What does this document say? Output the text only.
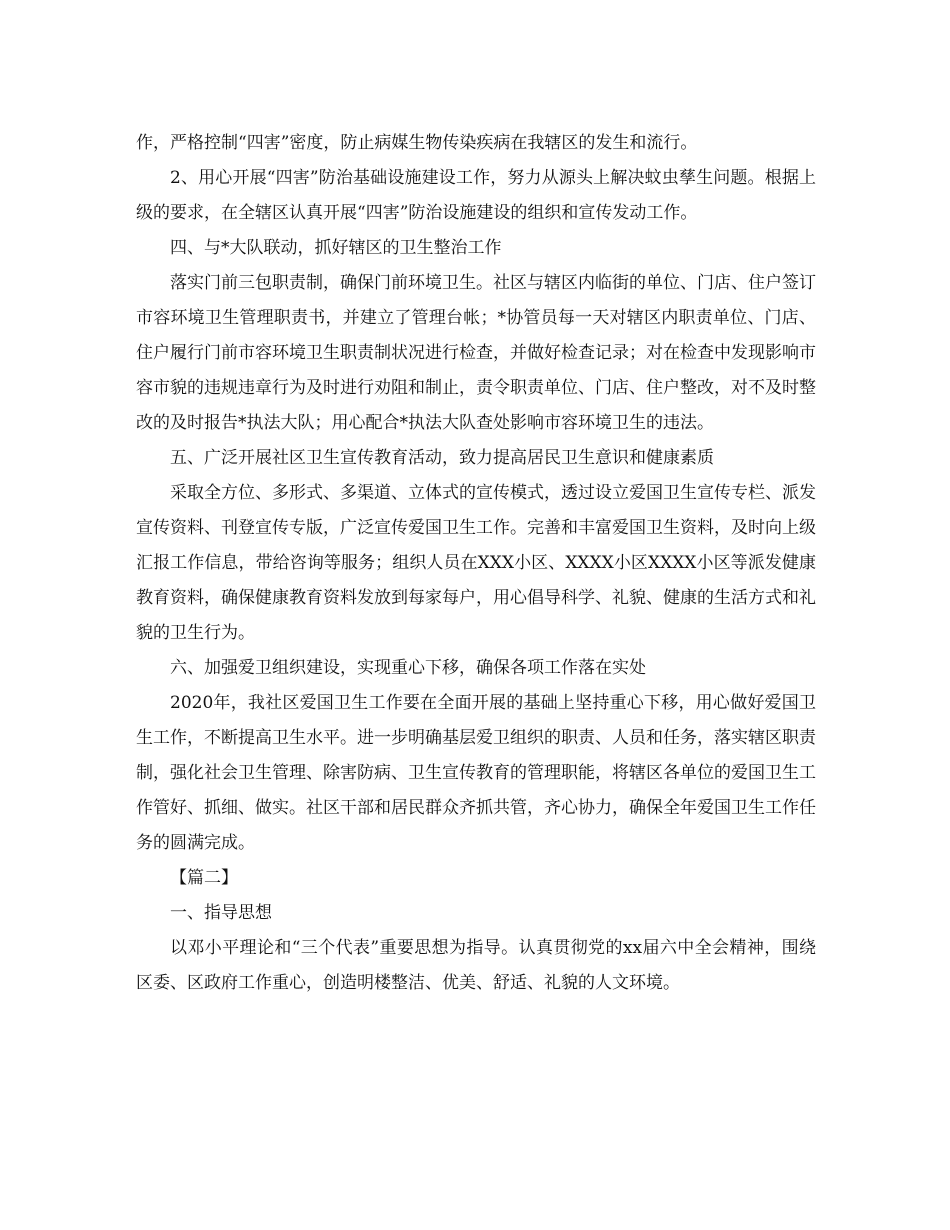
作，严格控制“四害”密度，防止病媒生物传染疾病在我辖区的发生和流行。

2、用心开展“四害”防治基础设施建设工作，努力从源头上解决蚊虫孳生问题。根据上级的要求，在全辖区认真开展“四害”防治设施建设的组织和宣传发动工作。

四、与*大队联动，抓好辖区的卫生整治工作

落实门前三包职责制，确保门前环境卫生。社区与辖区内临街的单位、门店、住户签订市容环境卫生管理职责书，并建立了管理台帐；*协管员每一天对辖区内职责单位、门店、住户履行门前市容环境卫生职责制状况进行检查，并做好检查记录；对在检查中发现影响市容市貌的违规违章行为及时进行劝阻和制止，责令职责单位、门店、住户整改，对不及时整改的及时报告*执法大队；用心配合*执法大队查处影响市容环境卫生的违法。

五、广泛开展社区卫生宣传教育活动，致力提高居民卫生意识和健康素质

采取全方位、多形式、多渠道、立体式的宣传模式，透过设立爱国卫生宣传专栏、派发宣传资料、刊登宣传专版，广泛宣传爱国卫生工作。完善和丰富爱国卫生资料，及时向上级汇报工作信息，带给咨询等服务；组织人员在XXX小区、XXXX小区XXXX小区等派发健康教育资料，确保健康教育资料发放到每家每户，用心倡导科学、礼貌、健康的生活方式和礼貌的卫生行为。

六、加强爱卫组织建设，实现重心下移，确保各项工作落在实处

2020年，我社区爱国卫生工作要在全面开展的基础上坚持重心下移，用心做好爱国卫生工作，不断提高卫生水平。进一步明确基层爱卫组织的职责、人员和任务，落实辖区职责制，强化社会卫生管理、除害防病、卫生宣传教育的管理职能，将辖区各单位的爱国卫生工作管好、抓细、做实。社区干部和居民群众齐抓共管，齐心协力，确保全年爱国卫生工作任务的圆满完成。

【篇二】

一、指导思想

以邓小平理论和“三个代表”重要思想为指导。认真贯彻党的xx届六中全会精神，围绕区委、区政府工作重心，创造明楼整洁、优美、舒适、礼貌的人文环境。
